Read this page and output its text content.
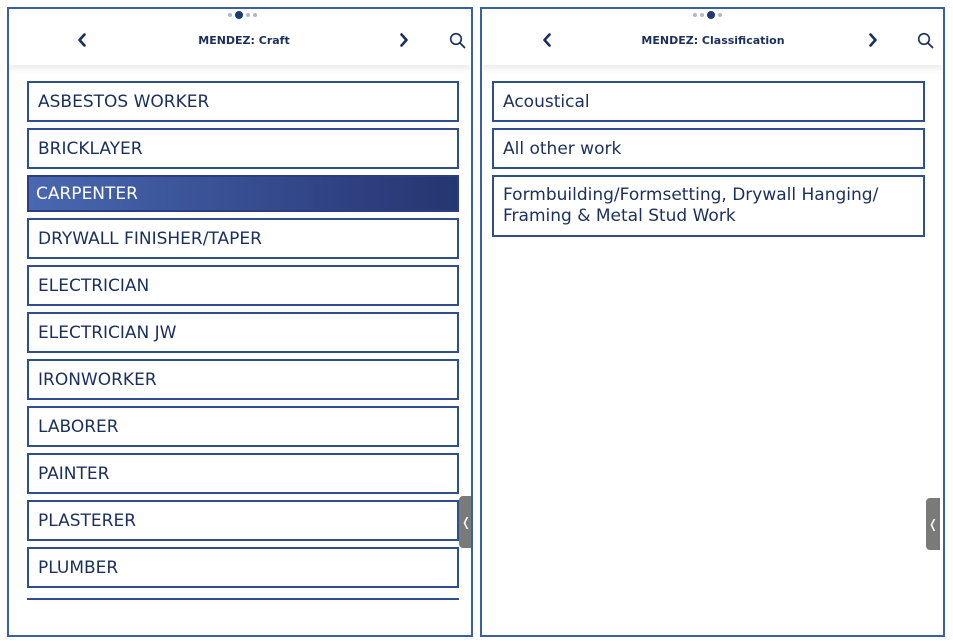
MENDEZ: Craft
ASBESTOS WORKER
BRICKLAYER
CARPENTER
DRYWALL FINISHER/TAPER
ELECTRICIAN
ELECTRICIAN JW
IRONWORKER
LABORER
PAINTER
PLASTERER
PLUMBER
❬
MENDEZ: Classification
Acoustical
All other work
Formbuilding/Formsetting, Drywall Hanging/ Framing & Metal Stud Work
❬
